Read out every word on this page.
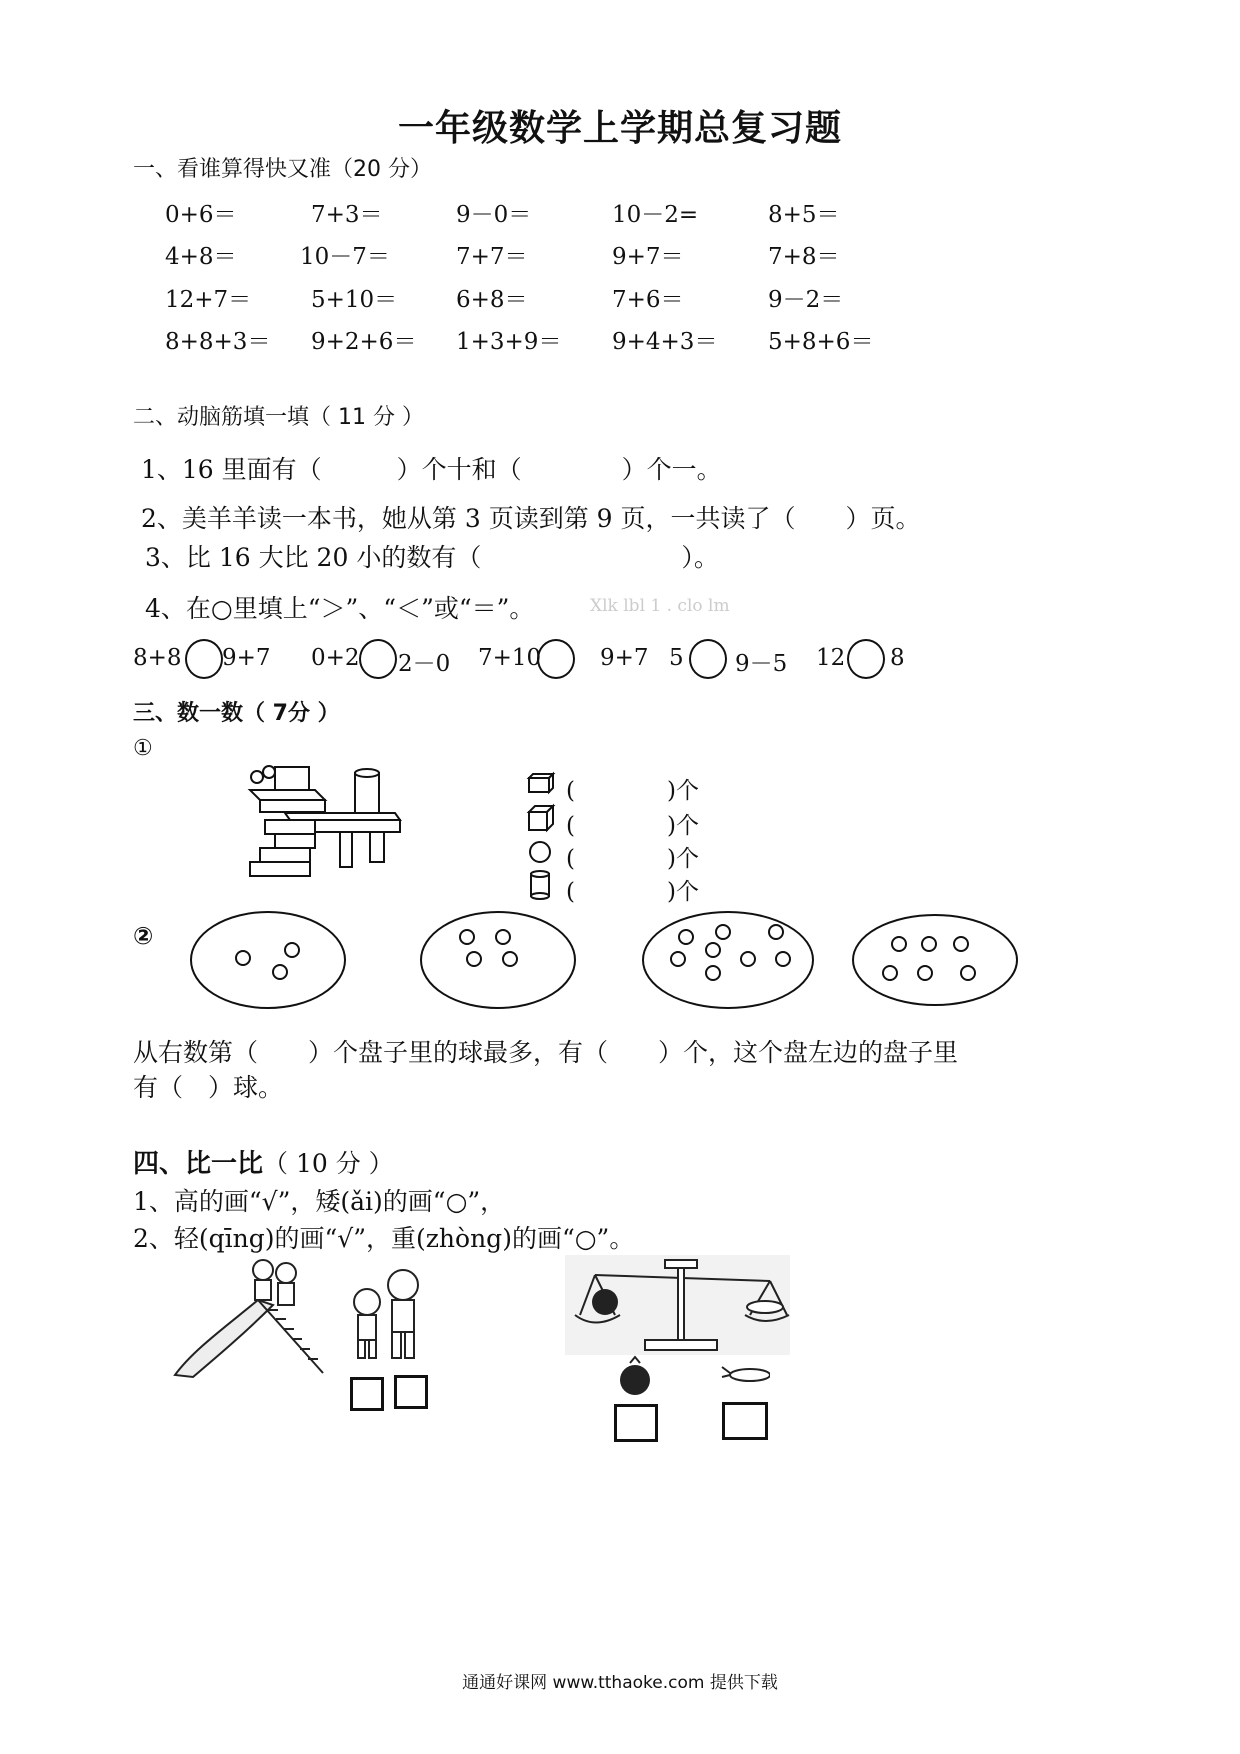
一年级数学上学期总复习题
一、看谁算得快又准（20 分）
0+6＝	7+3＝	9－0＝	10－2=	8+5＝
4+8＝	10－7＝	7+7＝	9+7＝	7+8＝
12+7＝	5+10＝	6+8＝	7+6＝	9－2＝
8+8+3＝ 9+2+6＝ 1+3+9＝ 9+4+3＝ 5+8+6＝
二、动脑筋填一填（ 11 分 ）
1、16 里面有（　　　）个十和（　　　　）个一。
2、美羊羊读一本书，她从第 3 页读到第 9 页，一共读了（　　）页。
3、比 16 大比 20 小的数有（　　　　　　　　）。
4、在○里填上“＞”、“＜”或“＝”。	Xlk lbl 1 . clo lm
8+8 9+7 0+2 2－0 7+10	9+7 5 9－5 12 8
三、数一数（ 7分 ）
①
(　　　　)个
(　　　　)个
(　　　　)个
(　　　　)个
②
从右数第（　　）个盘子里的球最多，有（　　）个，这个盘左边的盘子里
有（　）球。
四、比一比（ 10 分 ）
1、高的画“√”，矮(ǎi)的画“○”，
2、轻(qīng)的画“√”，重(zhòng)的画“○”。
通通好课网 www.tthaoke.com 提供下载
